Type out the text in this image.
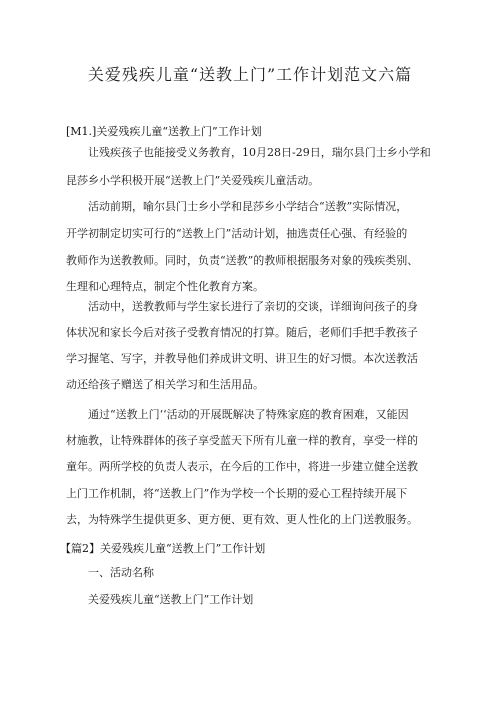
关爱残疾儿童“送教上门”工作计划范文六篇
[M1.]关爱残疾儿童“送教上门”工作计划
让残疾孩子也能接受义务教育，10月28日-29日，瑞尔县门士乡小学和
昆莎乡小学积极开展“送教上门”关爱残疾儿童活动。
活动前期，喻尔县门士乡小学和昆莎乡小学结合“送教”实际情况，
开学初制定切实可行的“送教上门”活动计划，抽选责任心强、有经验的
教师作为送教教师。同时，负责“送教”的教师根据服务对象的残疾类别、
生理和心理特点，制定个性化教育方案。
活动中，送教教师与学生家长进行了亲切的交谈，详细询问孩子的身
体状况和家长今后对孩子受教育情况的打算。随后，老师们手把手教孩子
学习握笔、写字，并教导他们养成讲文明、讲卫生的好习惯。本次送教活
动还给孩子赠送了相关学习和生活用品。
通过“送教上门‘‘活动的开展既解决了特殊家庭的教育困难，又能因
材施教，让特殊群体的孩子享受蓝天下所有儿童一样的教育，享受一样的
童年。两所学校的负责人表示，在今后的工作中，将进一步建立健全送教
上门工作机制，将“送教上门”作为学校一个长期的爱心工程持续开展下
去，为特殊学生提供更多、更方便、更有效、更人性化的上门送教服务。
【篇2】关爱残疾儿童“送教上门”工作计划
一、活动名称
关爱残疾儿童“送教上门”工作计划
